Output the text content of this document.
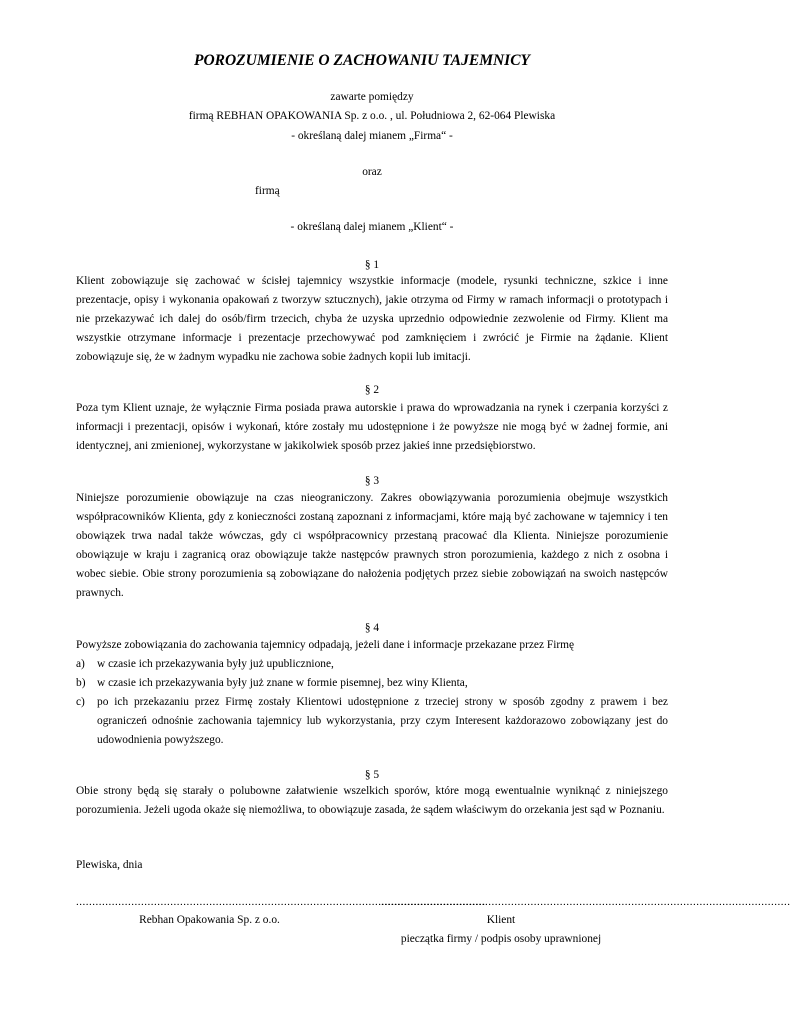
POROZUMIENIE O ZACHOWANIU TAJEMNICY
zawarte pomiędzy
firmą REBHAN OPAKOWANIA Sp. z o.o. , ul. Południowa 2, 62-064 Plewiska
- określaną dalej mianem „Firma“ -
oraz
firmą
- określaną dalej mianem „Klient“ -
§ 1
Klient zobowiązuje się zachować w ścisłej tajemnicy wszystkie informacje (modele, rysunki techniczne, szkice i inne prezentacje, opisy i wykonania opakowań z tworzyw sztucznych), jakie otrzyma od Firmy w ramach informacji o prototypach i nie przekazywać ich dalej do osób/firm trzecich, chyba że uzyska uprzednio odpowiednie zezwolenie od Firmy. Klient ma wszystkie otrzymane informacje i prezentacje przechowywać pod zamknięciem i zwrócić je Firmie na żądanie. Klient zobowiązuje się, że w żadnym wypadku nie zachowa sobie żadnych kopii lub imitacji.
§ 2
Poza tym Klient uznaje, że wyłącznie Firma posiada prawa autorskie i prawa do wprowadzania na rynek i czerpania korzyści z informacji i prezentacji, opisów i wykonań, które zostały mu udostępnione i że powyższe nie mogą być w żadnej formie, ani identycznej, ani zmienionej, wykorzystane w jakikolwiek sposób przez jakieś inne przedsiębiorstwo.
§ 3
Niniejsze porozumienie obowiązuje na czas nieograniczony. Zakres obowiązywania porozumienia obejmuje wszystkich współpracowników Klienta, gdy z konieczności zostaną zapoznani z informacjami, które mają być zachowane w tajemnicy i ten obowiązek trwa nadal także wówczas, gdy ci współpracownicy przestaną pracować dla Klienta. Niniejsze porozumienie obowiązuje w kraju i zagranicą oraz obowiązuje także następców prawnych stron porozumienia, każdego z nich z osobna i wobec siebie. Obie strony porozumienia są zobowiązane do nałożenia podjętych przez siebie zobowiązań na swoich następców prawnych.
§ 4
Powyższe zobowiązania do zachowania tajemnicy odpadają, jeżeli dane i informacje przekazane przez Firmę
a) w czasie ich przekazywania były już upublicznione,
b) w czasie ich przekazywania były już znane w formie pisemnej, bez winy Klienta,
c) po ich przekazaniu przez Firmę zostały Klientowi udostępnione z trzeciej strony w sposób zgodny z prawem i bez ograniczeń odnośnie zachowania tajemnicy lub wykorzystania, przy czym Interesent każdorazowo zobowiązany jest do udowodnienia powyższego.
§ 5
Obie strony będą się starały o polubowne załatwienie wszelkich sporów, które mogą ewentualnie wyniknąć z niniejszego porozumienia. Jeżeli ugoda okaże się niemożliwa, to obowiązuje zasada, że sądem właściwym do orzekania jest sąd w Poznaniu.
Plewiska, dnia
..............................................................................................................................
..............................................................................................................................
Rebhan Opakowania Sp. z o.o.	Klient
pieczątka firmy / podpis osoby uprawnionej
